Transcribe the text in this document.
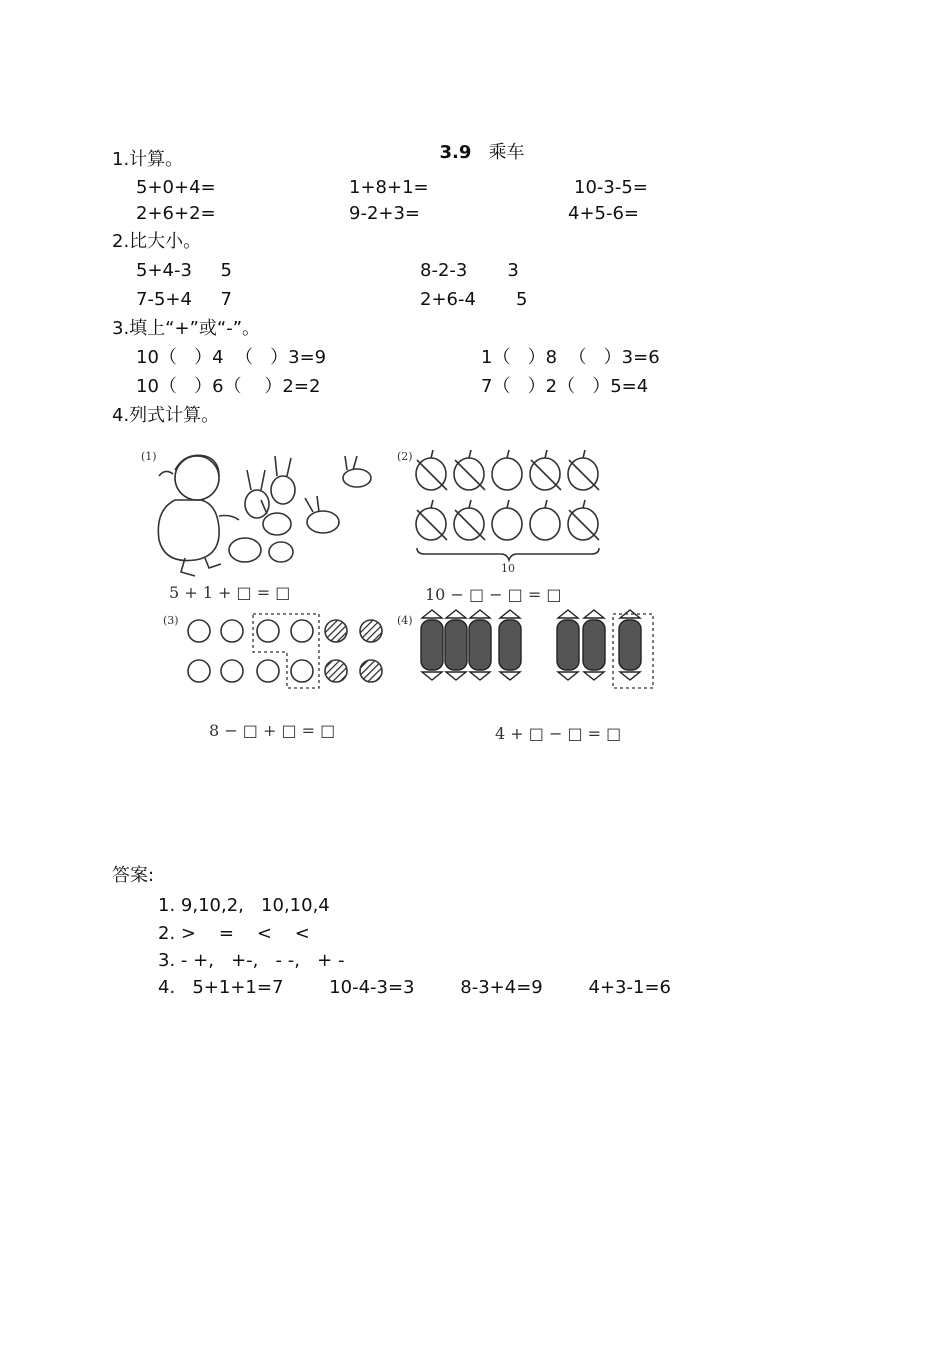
3.9 乘车

1.计算。
5+0+4=	1+8+1=	10-3-5=
2+6+2=	9-2+3=	4+5-6=
2.比大小。
5+4-3     5	8-2-3       3
7-5+4     7	2+6-4       5
3.填上“+”或“-”。
10（   ）4  （   ）3=9	1（   ）8  （   ）3=6
10（   ）6（    ）2=2	7（   ）2（   ）5=4
4.列式计算。
(1)
5 + 1 + □ = □
(2)
10
10 − □ − □ = □
(3)
8 − □ + □ = □
(4)
4 + □ − □ = □
答案:
1. 9,10,2,   10,10,4
2. >    =    <    <
3. - +,   +-,   - -,   + -
4.   5+1+1=7        10-4-3=3        8-3+4=9        4+3-1=6
